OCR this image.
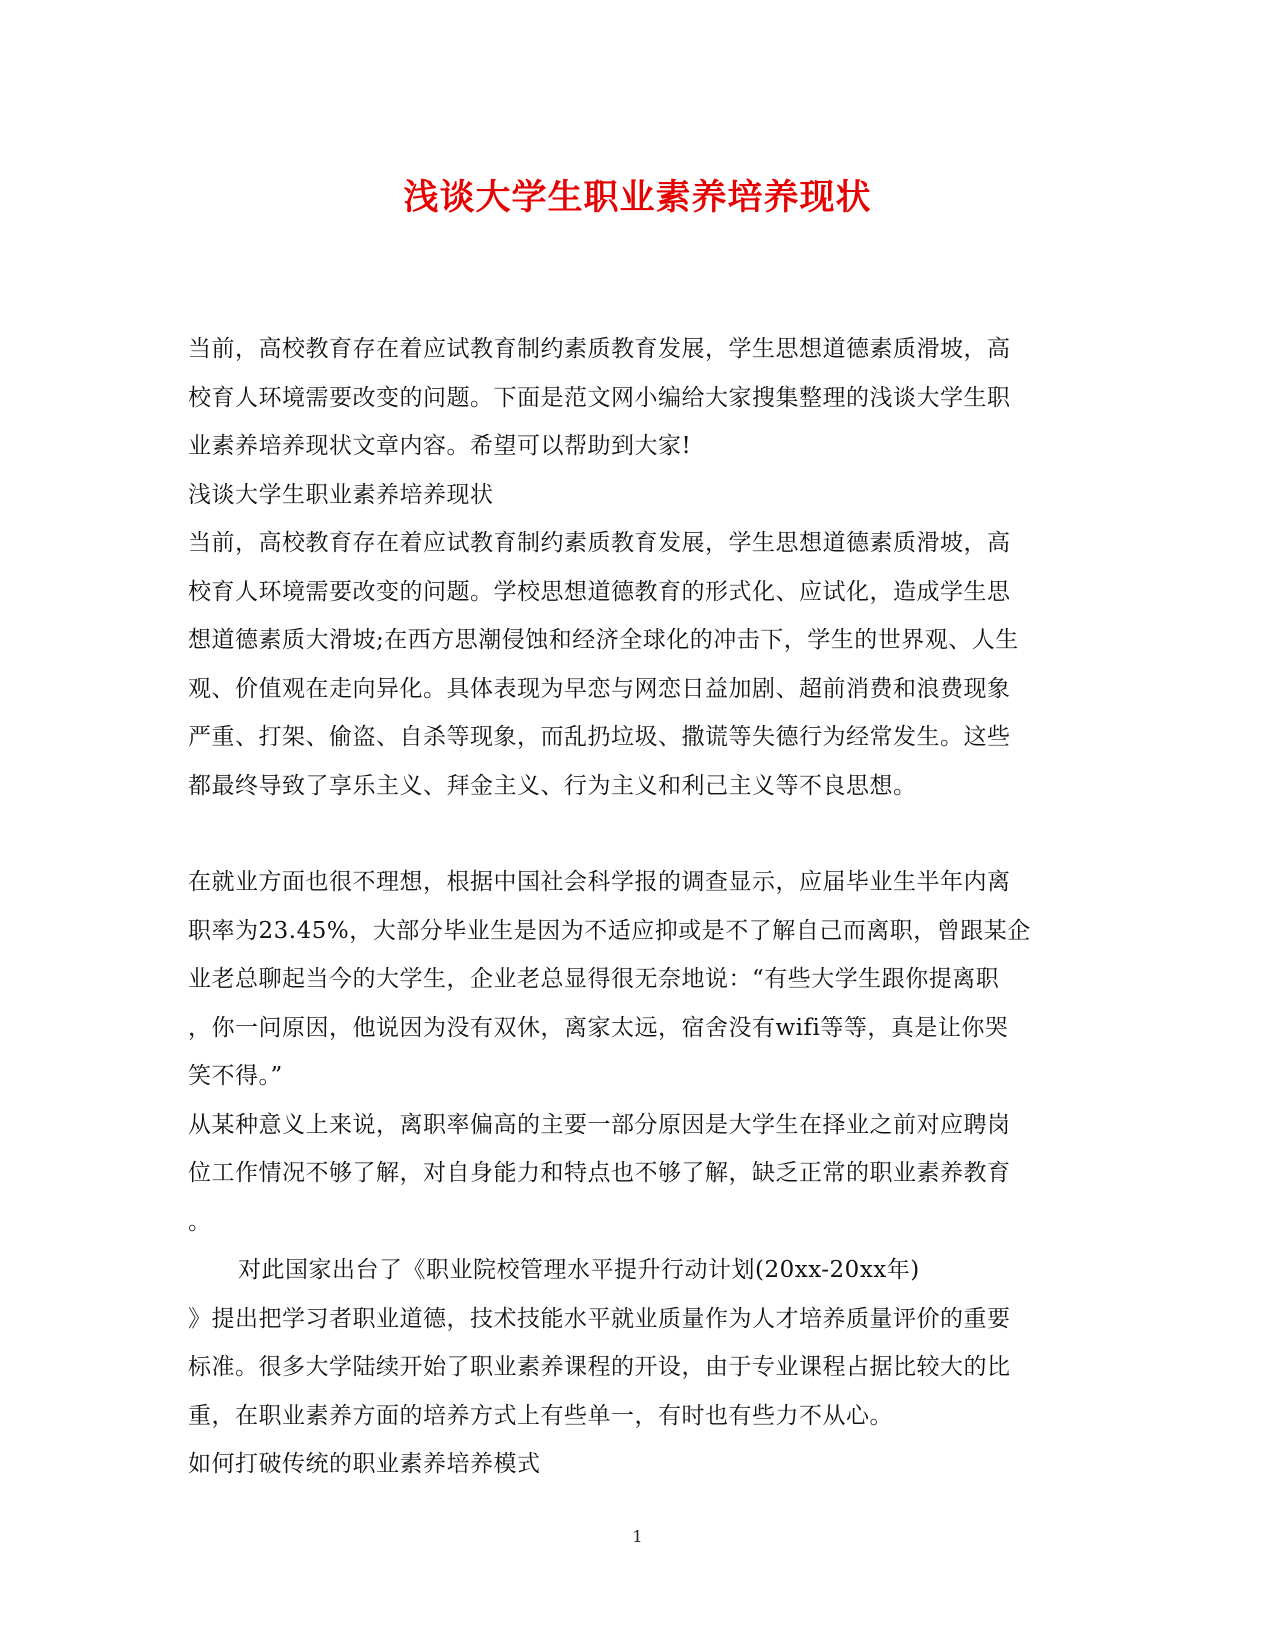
浅谈大学生职业素养培养现状
当前，高校教育存在着应试教育制约素质教育发展，学生思想道德素质滑坡，高
校育人环境需要改变的问题。下面是范文网小编给大家搜集整理的浅谈大学生职
业素养培养现状文章内容。希望可以帮助到大家!
浅谈大学生职业素养培养现状
当前，高校教育存在着应试教育制约素质教育发展，学生思想道德素质滑坡，高
校育人环境需要改变的问题。学校思想道德教育的形式化、应试化，造成学生思
想道德素质大滑坡;在西方思潮侵蚀和经济全球化的冲击下，学生的世界观、人生
观、价值观在走向异化。具体表现为早恋与网恋日益加剧、超前消费和浪费现象
严重、打架、偷盗、自杀等现象，而乱扔垃圾、撒谎等失德行为经常发生。这些
都最终导致了享乐主义、拜金主义、行为主义和利己主义等不良思想。
在就业方面也很不理想，根据中国社会科学报的调查显示，应届毕业生半年内离
职率为23.45%，大部分毕业生是因为不适应抑或是不了解自己而离职，曾跟某企
业老总聊起当今的大学生，企业老总显得很无奈地说：“有些大学生跟你提离职
，你一问原因，他说因为没有双休，离家太远，宿舍没有wifi等等，真是让你哭
笑不得。”
从某种意义上来说，离职率偏高的主要一部分原因是大学生在择业之前对应聘岗
位工作情况不够了解，对自身能力和特点也不够了解，缺乏正常的职业素养教育
。
对此国家出台了《职业院校管理水平提升行动计划(20xx-20xx年)
》提出把学习者职业道德，技术技能水平就业质量作为人才培养质量评价的重要
标准。很多大学陆续开始了职业素养课程的开设，由于专业课程占据比较大的比
重，在职业素养方面的培养方式上有些单一，有时也有些力不从心。
如何打破传统的职业素养培养模式
1
